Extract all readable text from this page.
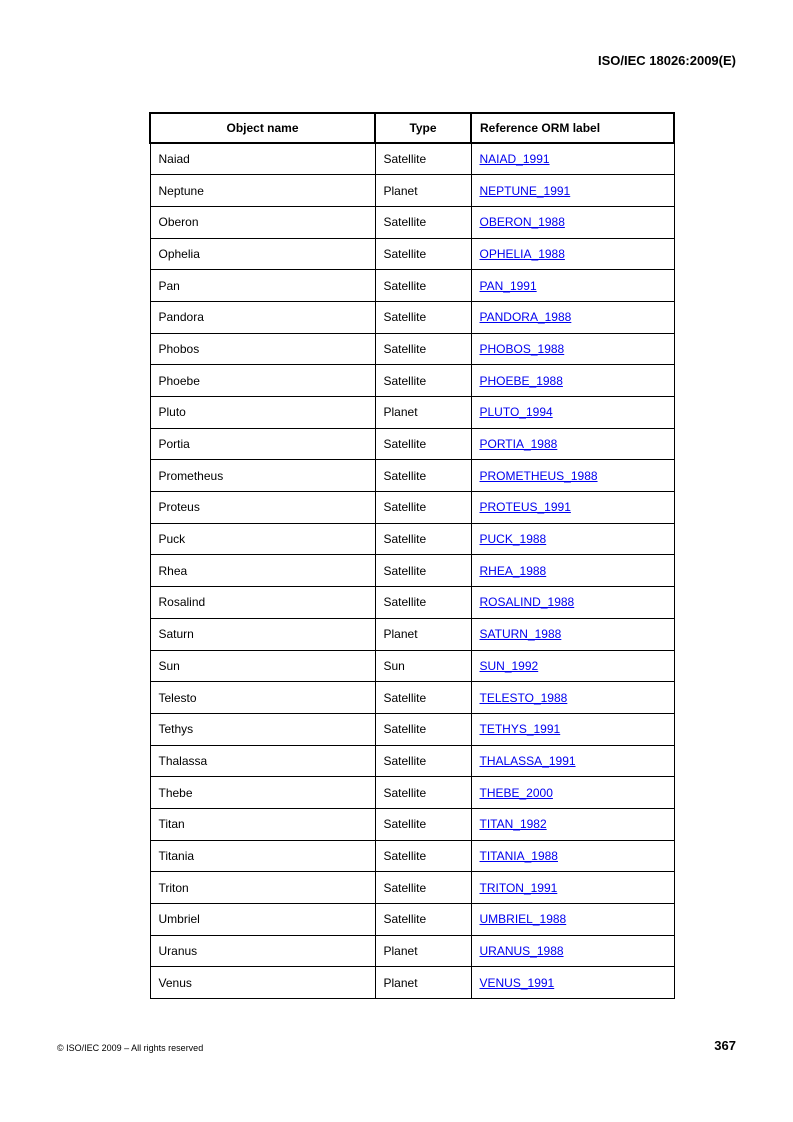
ISO/IEC 18026:2009(E)
Object name	Type	Reference ORM label
Naiad	Satellite	NAIAD_1991
Neptune	Planet	NEPTUNE_1991
Oberon	Satellite	OBERON_1988
Ophelia	Satellite	OPHELIA_1988
Pan	Satellite	PAN_1991
Pandora	Satellite	PANDORA_1988
Phobos	Satellite	PHOBOS_1988
Phoebe	Satellite	PHOEBE_1988
Pluto	Planet	PLUTO_1994
Portia	Satellite	PORTIA_1988
Prometheus	Satellite	PROMETHEUS_1988
Proteus	Satellite	PROTEUS_1991
Puck	Satellite	PUCK_1988
Rhea	Satellite	RHEA_1988
Rosalind	Satellite	ROSALIND_1988
Saturn	Planet	SATURN_1988
Sun	Sun	SUN_1992
Telesto	Satellite	TELESTO_1988
Tethys	Satellite	TETHYS_1991
Thalassa	Satellite	THALASSA_1991
Thebe	Satellite	THEBE_2000
Titan	Satellite	TITAN_1982
Titania	Satellite	TITANIA_1988
Triton	Satellite	TRITON_1991
Umbriel	Satellite	UMBRIEL_1988
Uranus	Planet	URANUS_1988
Venus	Planet	VENUS_1991
© ISO/IEC 2009 – All rights reserved	367
